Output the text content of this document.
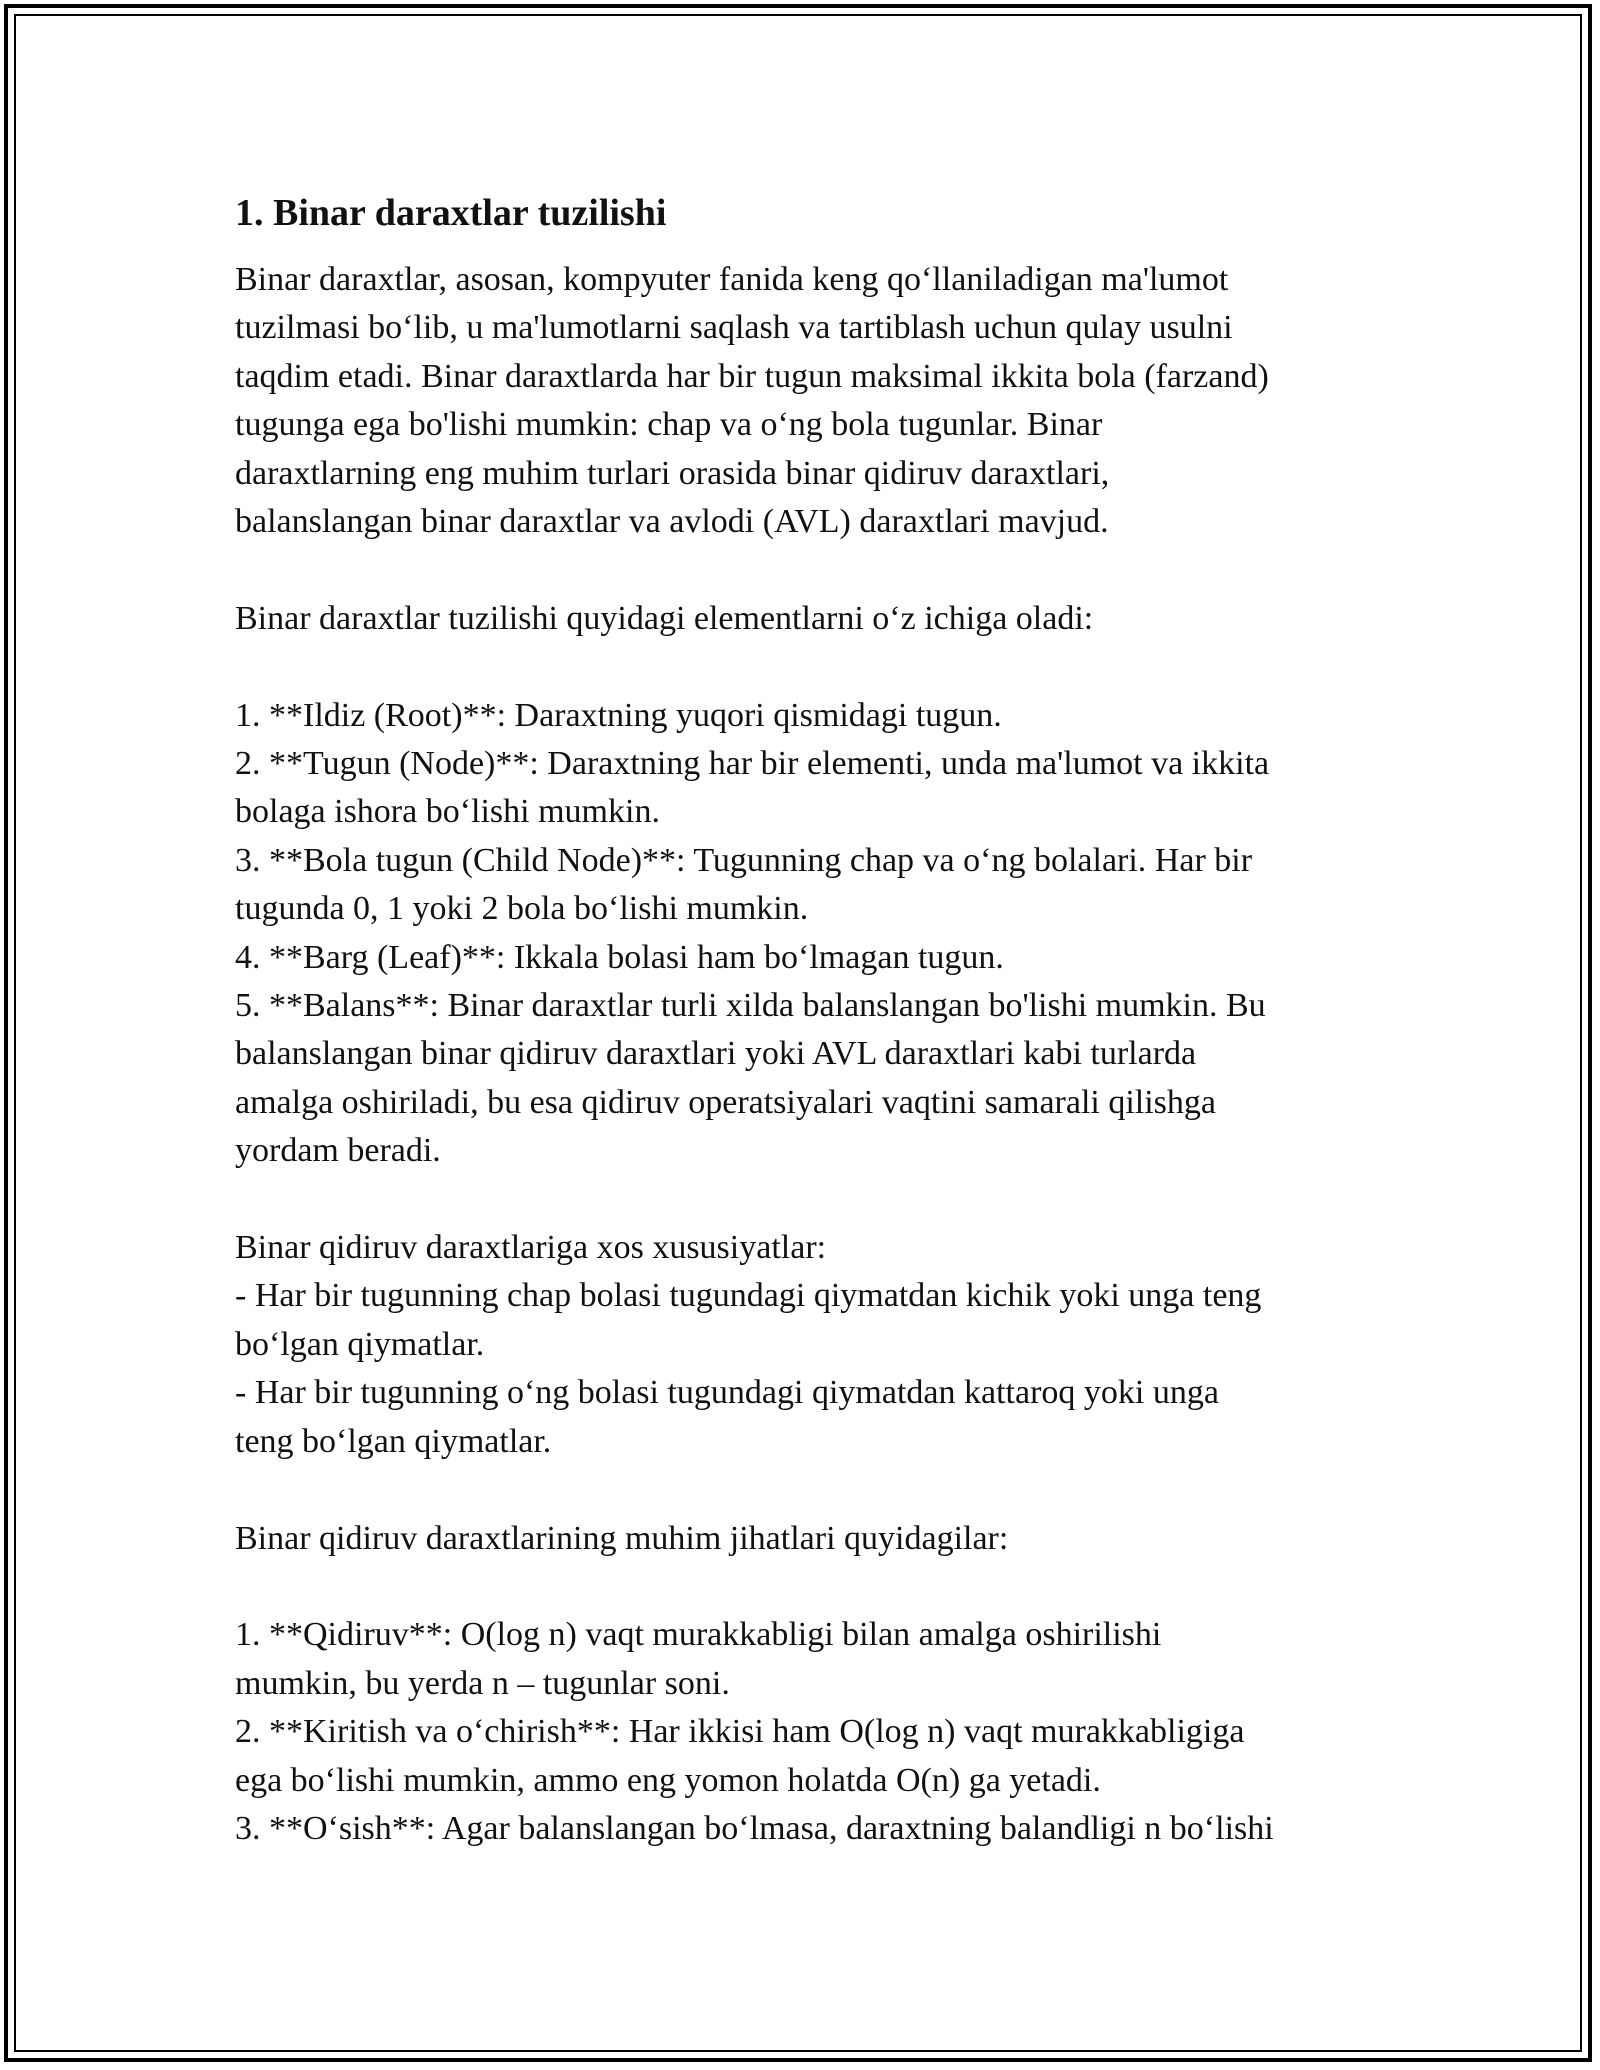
1. Binar daraxtlar tuzilishi
Binar daraxtlar, asosan, kompyuter fanida keng qo‘llaniladigan ma'lumot
tuzilmasi bo‘lib, u ma'lumotlarni saqlash va tartiblash uchun qulay usulni
taqdim etadi. Binar daraxtlarda har bir tugun maksimal ikkita bola (farzand)
tugunga ega bo'lishi mumkin: chap va o‘ng bola tugunlar. Binar
daraxtlarning eng muhim turlari orasida binar qidiruv daraxtlari,
balanslangan binar daraxtlar va avlodi (AVL) daraxtlari mavjud.
Binar daraxtlar tuzilishi quyidagi elementlarni o‘z ichiga oladi:
1. **Ildiz (Root)**: Daraxtning yuqori qismidagi tugun.
2. **Tugun (Node)**: Daraxtning har bir elementi, unda ma'lumot va ikkita
bolaga ishora bo‘lishi mumkin.
3. **Bola tugun (Child Node)**: Tugunning chap va o‘ng bolalari. Har bir
tugunda 0, 1 yoki 2 bola bo‘lishi mumkin.
4. **Barg (Leaf)**: Ikkala bolasi ham bo‘lmagan tugun.
5. **Balans**: Binar daraxtlar turli xilda balanslangan bo'lishi mumkin. Bu
balanslangan binar qidiruv daraxtlari yoki AVL daraxtlari kabi turlarda
amalga oshiriladi, bu esa qidiruv operatsiyalari vaqtini samarali qilishga
yordam beradi.
Binar qidiruv daraxtlariga xos xususiyatlar:
- Har bir tugunning chap bolasi tugundagi qiymatdan kichik yoki unga teng
bo‘lgan qiymatlar.
- Har bir tugunning o‘ng bolasi tugundagi qiymatdan kattaroq yoki unga
teng bo‘lgan qiymatlar.
Binar qidiruv daraxtlarining muhim jihatlari quyidagilar:
1. **Qidiruv**: O(log n) vaqt murakkabligi bilan amalga oshirilishi
mumkin, bu yerda n – tugunlar soni.
2. **Kiritish va o‘chirish**: Har ikkisi ham O(log n) vaqt murakkabligiga
ega bo‘lishi mumkin, ammo eng yomon holatda O(n) ga yetadi.
3. **O‘sish**: Agar balanslangan bo‘lmasa, daraxtning balandligi n bo‘lishi
